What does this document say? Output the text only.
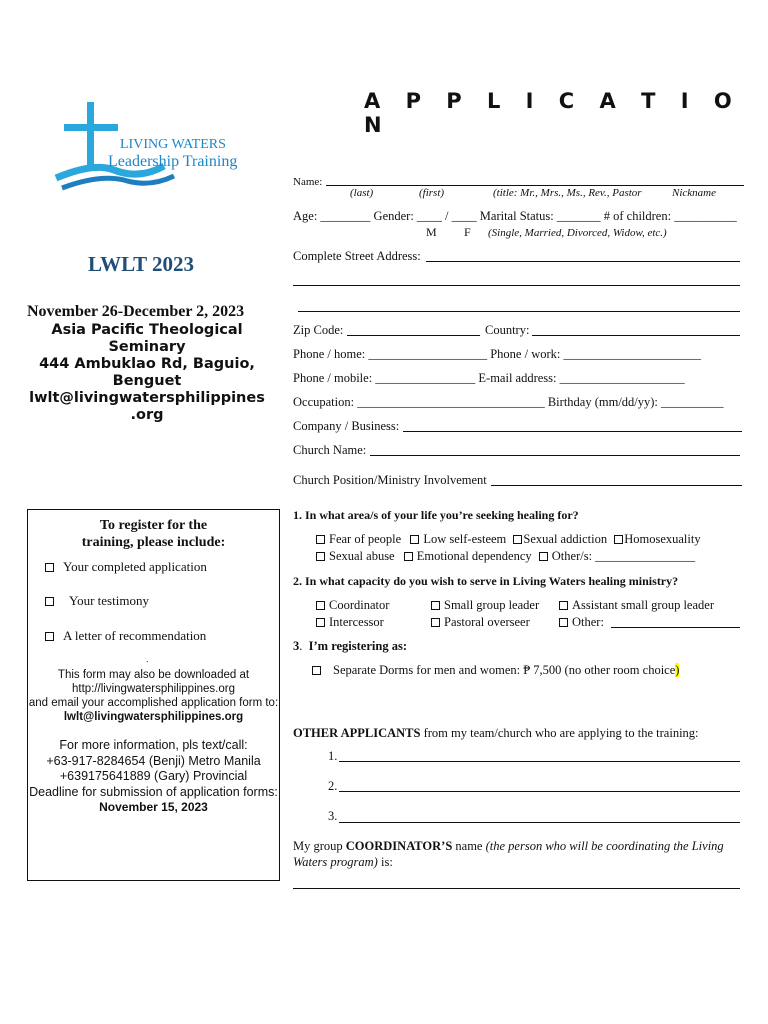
LIVING WATERS
Leadership Training
A P P L I C A T I O N
LWLT 2023
November 26-December 2, 2023
Asia Pacific Theological
Seminary
444 Ambuklao Rd, Baguio,
Benguet
lwlt@livingwatersphilippines
.org
To register for the
training, please include:
Your completed application
Your testimony
A letter of recommendation
.
This form may also be downloaded at
http://livingwatersphilippines.org
and email your accomplished application form to:
lwlt@livingwatersphilippines.org
For more information, pls text/call:
+63-917-8284654 (Benji) Metro Manila
+639175641889 (Gary) Provincial
Deadline for submission of application forms:
November 15, 2023
Name:
(last)	(first)	(title: Mr., Mrs., Ms., Rev., Pastor	Nickname
Age: ________ Gender: ____ / ____ Marital Status: _______ # of children: __________
M F (Single, Married, Divorced, Widow, etc.)
Complete Street Address:
Zip Code:	Country:
Phone / home: ___________________ Phone / work: ______________________
Phone / mobile: ________________ E-mail address: ____________________
Occupation: ______________________________ Birthday (mm/dd/yy): __________
Company / Business:
Church Name:
Church Position/Ministry Involvement
1. In what area/s of your life you’re seeking healing for?
Fear of people Low self-esteem Sexual addiction Homosexuality
Sexual abuse Emotional dependency Other/s: ________________
2. In what capacity do you wish to serve in Living Waters healing ministry?
Coordinator	Small group leader	Assistant small group leader
Intercessor	Pastoral overseer	Other:
3.  I’m registering as:
Separate Dorms for men and women: ₱ 7,500 (no other room choice)
OTHER APPLICANTS from my team/church who are applying to the training:
1.
2.
3.
My group COORDINATOR’S name (the person who will be coordinating the Living Waters program) is:
